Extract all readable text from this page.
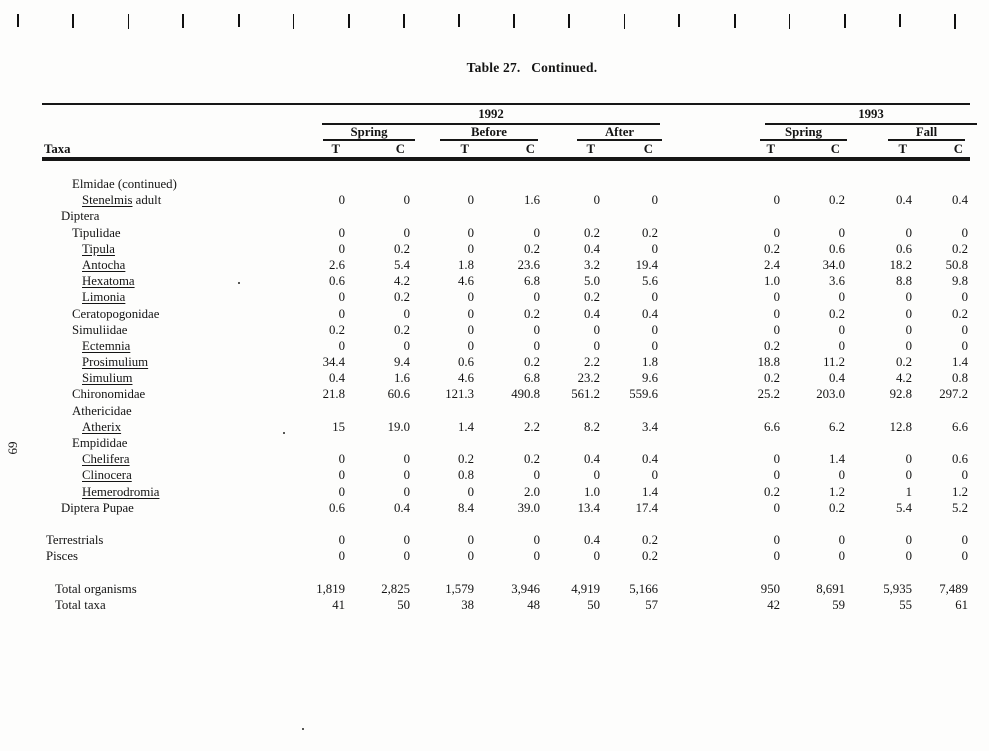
Table 27.   Continued.
69
1992	1993
Spring	Before	After	Spring	Fall
Taxa	T	C	T	C	T	C	T	C	T	C
Elmidae (continued)
Stenelmis adult	0	0	0	1.6	0	0	0	0.2	0.4	0.4
Diptera
Tipulidae	0	0	0	0	0.2	0.2	0	0	0	0
Tipula	0	0.2	0	0.2	0.4	0	0.2	0.6	0.6	0.2
Antocha	2.6	5.4	1.8	23.6	3.2	19.4	2.4	34.0	18.2	50.8
Hexatoma	0.6	4.2	4.6	6.8	5.0	5.6	1.0	3.6	8.8	9.8
Limonia	0	0.2	0	0	0.2	0	0	0	0	0
Ceratopogonidae	0	0	0	0.2	0.4	0.4	0	0.2	0	0.2
Simuliidae	0.2	0.2	0	0	0	0	0	0	0	0
Ectemnia	0	0	0	0	0	0	0.2	0	0	0
Prosimulium	34.4	9.4	0.6	0.2	2.2	1.8	18.8	11.2	0.2	1.4
Simulium	0.4	1.6	4.6	6.8	23.2	9.6	0.2	0.4	4.2	0.8
Chironomidae	21.8	60.6	121.3	490.8	561.2	559.6	25.2	203.0	92.8	297.2
Athericidae
Atherix	15	19.0	1.4	2.2	8.2	3.4	6.6	6.2	12.8	6.6
Empididae
Chelifera	0	0	0.2	0.2	0.4	0.4	0	1.4	0	0.6
Clinocera	0	0	0.8	0	0	0	0	0	0	0
Hemerodromia	0	0	0	2.0	1.0	1.4	0.2	1.2	1	1.2
Diptera Pupae	0.6	0.4	8.4	39.0	13.4	17.4	0	0.2	5.4	5.2
Terrestrials	0	0	0	0	0.4	0.2	0	0	0	0
Pisces	0	0	0	0	0	0.2	0	0	0	0
Total organisms	1,819	2,825	1,579	3,946	4,919	5,166	950	8,691	5,935	7,489
Total taxa	41	50	38	48	50	57	42	59	55	61
